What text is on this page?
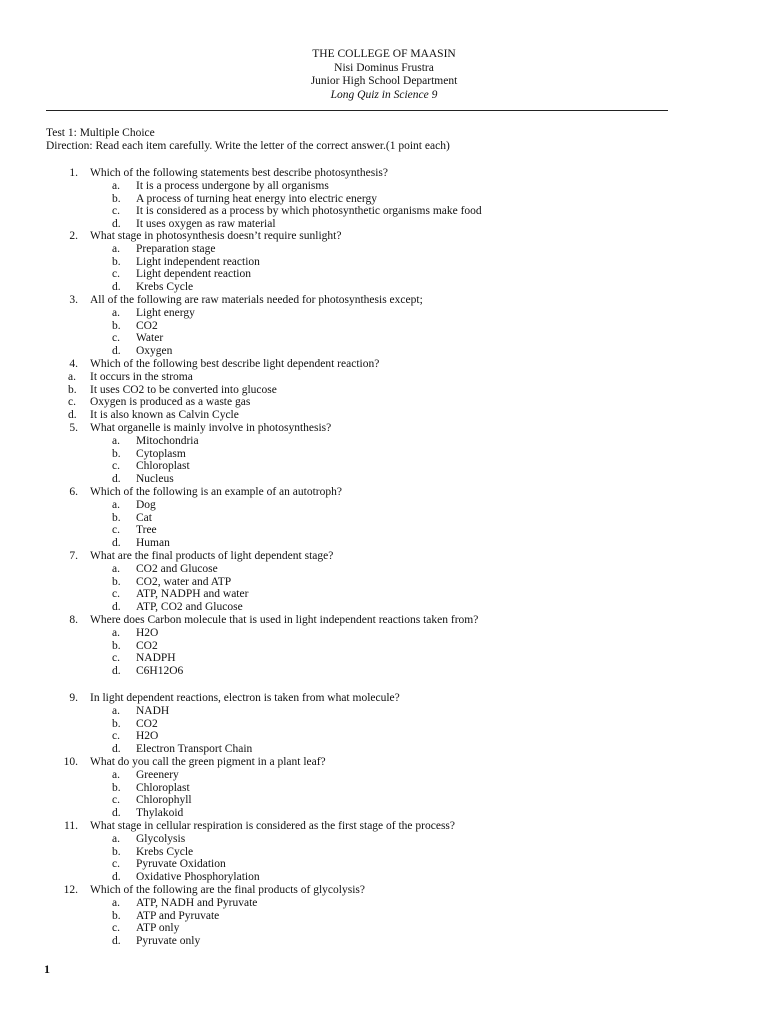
THE COLLEGE OF MAASIN
Nisi Dominus Frustra
Junior High School Department
Long Quiz in Science 9
Test 1: Multiple Choice
Direction: Read each item carefully. Write the letter of the correct answer.(1 point each)
1. Which of the following statements best describe photosynthesis?
a. It is a process undergone by all organisms
b. A process of turning heat energy into electric energy
c. It is considered as a process by which photosynthetic organisms make food
d. It uses oxygen as raw material
2. What stage in photosynthesis doesn’t require sunlight?
a. Preparation stage
b. Light independent reaction
c. Light dependent reaction
d. Krebs Cycle
3. All of the following are raw materials needed for photosynthesis except;
a. Light energy
b. CO2
c. Water
d. Oxygen
4. Which of the following best describe light dependent reaction?
a. It occurs in the stroma
b. It uses CO2 to be converted into glucose
c. Oxygen is produced as a waste gas
d. It is also known as Calvin Cycle
5. What organelle is mainly involve in photosynthesis?
a. Mitochondria
b. Cytoplasm
c. Chloroplast
d. Nucleus
6. Which of the following is an example of an autotroph?
a. Dog
b. Cat
c. Tree
d. Human
7. What are the final products of light dependent stage?
a. CO2 and Glucose
b. CO2, water and ATP
c. ATP, NADPH and water
d. ATP, CO2 and Glucose
8. Where does Carbon molecule that is used in light independent reactions taken from?
a. H2O
b. CO2
c. NADPH
d. C6H12O6
9. In light dependent reactions, electron is taken from what molecule?
a. NADH
b. CO2
c. H2O
d. Electron Transport Chain
10. What do you call the green pigment in a plant leaf?
a. Greenery
b. Chloroplast
c. Chlorophyll
d. Thylakoid
11. What stage in cellular respiration is considered as the first stage of the process?
a. Glycolysis
b. Krebs Cycle
c. Pyruvate Oxidation
d. Oxidative Phosphorylation
12. Which of the following are the final products of glycolysis?
a. ATP, NADH and Pyruvate
b. ATP and Pyruvate
c. ATP only
d. Pyruvate only
1
